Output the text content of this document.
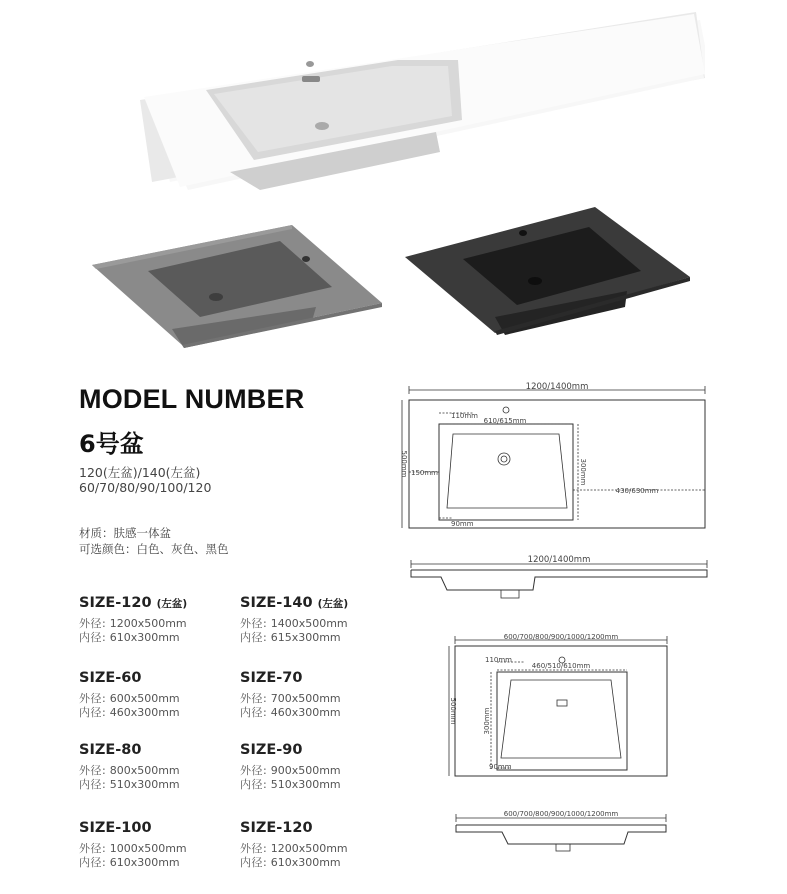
MODEL NUMBER
6号盆
120(左盆)/140(左盆)
60/70/80/90/100/120
材质：肤感一体盆
可选颜色：白色、灰色、黑色
SIZE-120 (左盆)
外径: 1200x500mm
内径: 610x300mm
SIZE-140 (左盆)
外径: 1400x500mm
内径: 615x300mm
SIZE-60
外径: 600x500mm
内径: 460x300mm
SIZE-70
外径: 700x500mm
内径: 460x300mm
SIZE-80
外径: 800x500mm
内径: 510x300mm
SIZE-90
外径: 900x500mm
内径: 510x300mm
SIZE-100
外径: 1000x500mm
内径: 610x300mm
SIZE-120
外径: 1200x500mm
内径: 610x300mm
1200/1400mm
500mm
110mm
610/615mm
150mm	300mm
430/630mm
90mm
1200/1400mm
600/700/800/900/1000/1200mm
500mm
110mm
460/510/610mm
300mm
90mm
600/700/800/900/1000/1200mm
